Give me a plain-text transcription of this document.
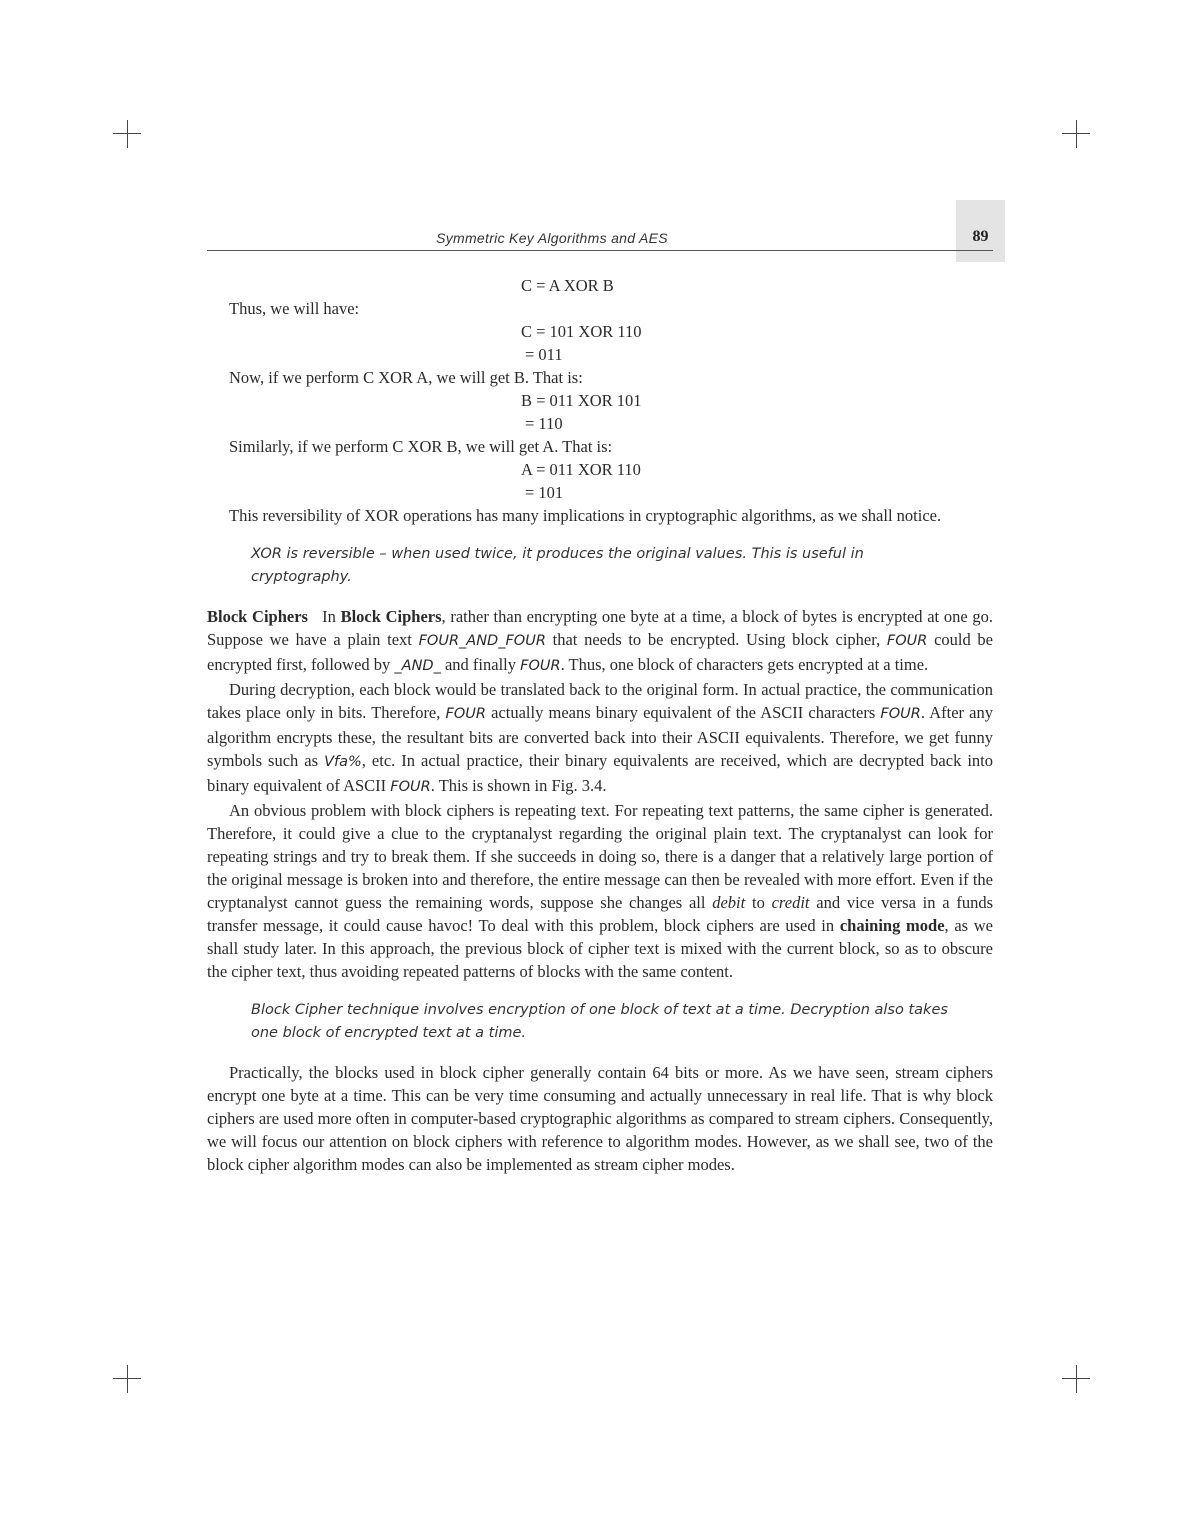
89
Symmetric Key Algorithms and AES

C = A XOR B

Thus, we will have:

C = 101 XOR 110

= 011

Now, if we perform C XOR A, we will get B. That is:

B = 011 XOR 101

= 110

Similarly, if we perform C XOR B, we will get A. That is:

A = 011 XOR 110

= 101

This reversibility of XOR operations has many implications in cryptographic algorithms, as we shall notice.

XOR is reversible – when used twice, it produces the original values. This is useful in cryptography.

Block Ciphers In Block Ciphers, rather than encrypting one byte at a time, a block of bytes is encrypted at one go. Suppose we have a plain text FOUR_AND_FOUR that needs to be encrypted. Using block cipher, FOUR could be encrypted first, followed by _AND_ and finally FOUR. Thus, one block of characters gets encrypted at a time.

During decryption, each block would be translated back to the original form. In actual practice, the communication takes place only in bits. Therefore, FOUR actually means binary equivalent of the ASCII characters FOUR. After any algorithm encrypts these, the resultant bits are converted back into their ASCII equivalents. Therefore, we get funny symbols such as Vfa%, etc. In actual practice, their binary equivalents are received, which are decrypted back into binary equivalent of ASCII FOUR. This is shown in Fig. 3.4.

An obvious problem with block ciphers is repeating text. For repeating text patterns, the same cipher is generated. Therefore, it could give a clue to the cryptanalyst regarding the original plain text. The cryptanalyst can look for repeating strings and try to break them. If she succeeds in doing so, there is a danger that a relatively large portion of the original message is broken into and therefore, the entire message can then be revealed with more effort. Even if the cryptanalyst cannot guess the remaining words, suppose she changes all debit to credit and vice versa in a funds transfer message, it could cause havoc! To deal with this problem, block ciphers are used in chaining mode, as we shall study later. In this approach, the previous block of cipher text is mixed with the current block, so as to obscure the cipher text, thus avoiding repeated patterns of blocks with the same content.

Block Cipher technique involves encryption of one block of text at a time. Decryption also takes one block of encrypted text at a time.

Practically, the blocks used in block cipher generally contain 64 bits or more. As we have seen, stream ciphers encrypt one byte at a time. This can be very time consuming and actually unnecessary in real life. That is why block ciphers are used more often in computer-based cryptographic algorithms as compared to stream ciphers. Consequently, we will focus our attention on block ciphers with reference to algorithm modes. However, as we shall see, two of the block cipher algorithm modes can also be implemented as stream cipher modes.
